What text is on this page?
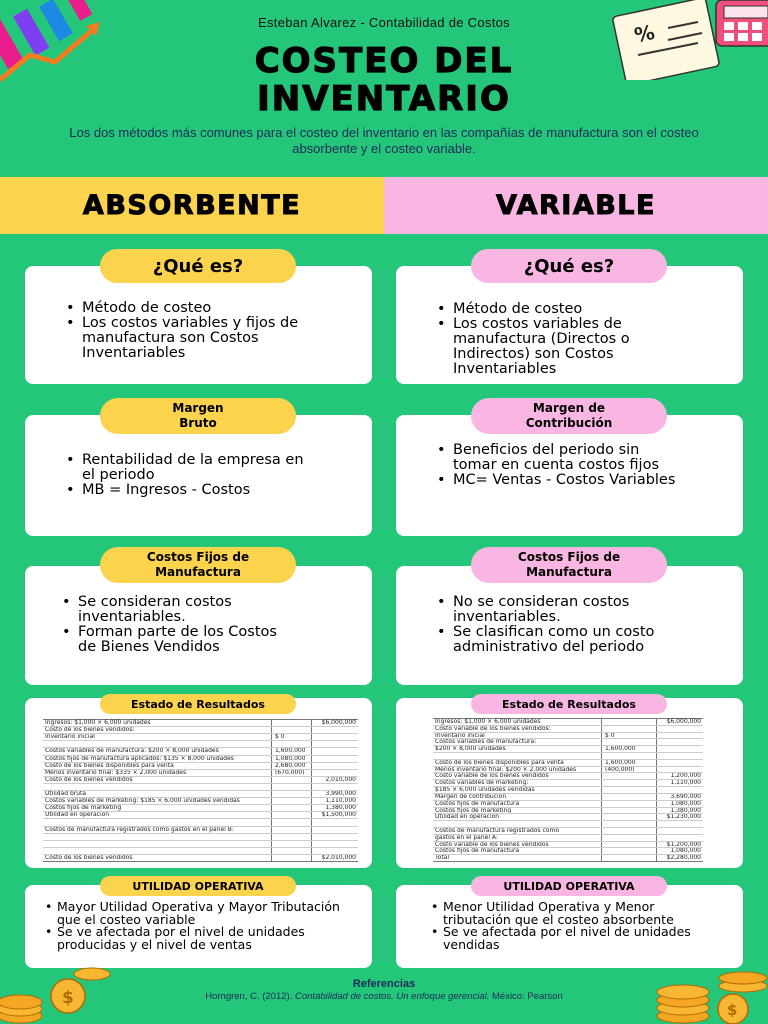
%
Esteban Alvarez - Contabilidad de Costos
COSTEO DEL
INVENTARIO
Los dos métodos más comunes para el costeo del inventario en las compañías de manufactura son el costeo absorbente y el costeo variable.
ABSORBENTE	VARIABLE
¿Qué es?
• Método de costeo
• Los costos variables y fijos de manufactura son Costos Inventariables
Margen Bruto
• Rentabilidad de la empresa en el periodo
• MB = Ingresos - Costos
Costos Fijos de Manufactura
• Se consideran costos inventariables.
• Forman parte de los Costos de Bienes Vendidos
Estado de Resultados
Ingresos: $1,000 × 6,000 unidades	$6,000,000
Costo de los bienes vendidos:
Inventario inicial	$ 0
Costos variables de manufactura: $200 × 8,000 unidades	1,600,000
Costos fijos de manufactura aplicados: $135 × 8,000 unidades	1,080,000
Costo de los bienes disponibles para venta	2,680,000
Menos inventario final: $335 × 2,000 unidades	(670,000)
Costo de los bienes vendidos	2,010,000
Utilidad bruta	3,990,000
Costos variables de marketing: $185 × 6,000 unidades vendidas	1,110,000
Costos fijos de marketing	1,380,000
Utilidad en operación	$1,500,000
Costos de manufactura registrados como gastos en el panel B:
Costo de los bienes vendidos	$2,010,000
UTILIDAD OPERATIVA
• Mayor Utilidad Operativa y Mayor Tributación que el costeo variable
• Se ve afectada por el nivel de unidades producidas y el nivel de ventas
¿Qué es?
• Método de costeo
• Los costos variables de manufactura (Directos o Indirectos) son Costos Inventariables
Margen de Contribución
• Beneficios del periodo sin tomar en cuenta costos fijos
• MC= Ventas - Costos Variables
Costos Fijos de Manufactura
• No se consideran costos inventariables.
• Se clasifican como un costo administrativo del periodo
Estado de Resultados
Ingresos: $1,000 × 6,000 unidades	$6,000,000
Costo variable de los bienes vendidos:
Inventario inicial	$ 0
Costos variables de manufactura:
$200 × 8,000 unidades	1,600,000
Costo de los bienes disponibles para venta	1,600,000
Menos inventario final: $200 × 2,000 unidades	(400,000)
Costo variable de los bienes vendidos	1,200,000
Costos variables de marketing:	1,110,000
$185 × 6,000 unidades vendidas
Margen de contribución	3,690,000
Costos fijos de manufactura	1,080,000
Costos fijos de marketing	1,380,000
Utilidad en operación	$1,230,000
Costos de manufactura registrados como
gastos en el panel A:
Costo variable de los bienes vendidos	$1,200,000
Costos fijos de manufactura	1,080,000
Total	$2,280,000
UTILIDAD OPERATIVA
• Menor Utilidad Operativa y Menor tributación que el costeo absorbente
• Se ve afectada por el nivel de unidades vendidas
Referencias
Horngren, C. (2012). Contabilidad de costos. Un enfoque gerencial. México: Pearson
$
$
